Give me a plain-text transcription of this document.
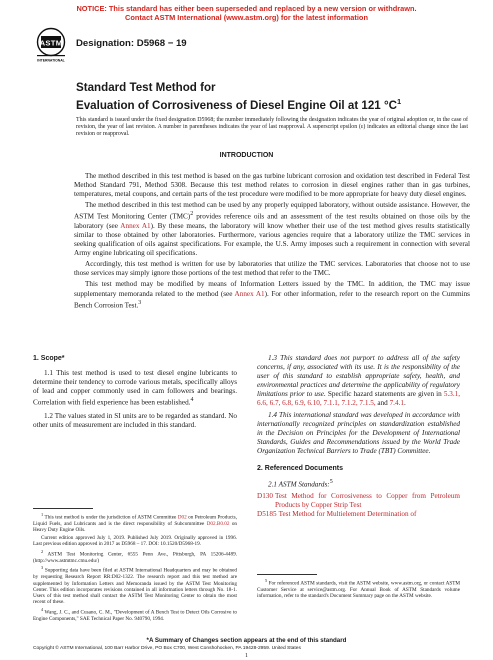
NOTICE: This standard has either been superseded and replaced by a new version or withdrawn.
Contact ASTM International (www.astm.org) for the latest information
ASTM
INTERNATIONAL
Designation: D5968 − 19
Standard Test Method for
Evaluation of Corrosiveness of Diesel Engine Oil at 121 $^\circ C^1$
This standard is issued under the fixed designation D5968; the number immediately following the designation indicates the year of original adoption or, in the case of revision, the year of last revision. A number in parentheses indicates the year of last reapproval. A superscript epsilon (ε) indicates an editorial change since the last revision or reapproval.
INTRODUCTION

The method described in this test method is based on the gas turbine lubricant corrosion and oxidation test described in Federal Test Method Standard 791, Method 5308. Because this test method relates to corrosion in diesel engines rather than in gas turbines, temperatures, metal coupons, and certain parts of the test procedure were modified to be more appropriate for heavy duty diesel engines.

The method described in this test method can be used by any properly equipped laboratory, without outside assistance. However, the ASTM Test Monitoring Center (TMC)$^2$ provides reference oils and an assessment of the test results obtained on those oils by the laboratory (see Annex A1). By these means, the laboratory will know whether their use of the test method gives results statistically similar to those obtained by other laboratories. Furthermore, various agencies require that a laboratory utilize the TMC services in seeking qualification of oils against specifications. For example, the U.S. Army imposes such a requirement in connection with several Army engine lubricating oil specifications.

Accordingly, this test method is written for use by laboratories that utilize the TMC services. Laboratories that choose not to use those services may simply ignore those portions of the test method that refer to the TMC.

This test method may be modified by means of Information Letters issued by the TMC. In addition, the TMC may issue supplementary memoranda related to the method (see Annex A1). For other information, refer to the research report on the Cummins Bench Corrosion Test.$^3$

1. Scope*

1.1 This test method is used to test diesel engine lubricants to determine their tendency to corrode various metals, specifically alloys of lead and copper commonly used in cam followers and bearings. Correlation with field experience has been established.$^4$

1.2 The values stated in SI units are to be regarded as standard. No other units of measurement are included in this standard.

$^1$ This test method is under the jurisdiction of ASTM Committee D02 on Petroleum Products, Liquid Fuels, and Lubricants and is the direct responsibility of Subcommittee D02.B0.02 on Heavy Duty Engine Oils.

Current edition approved July 1, 2019. Published July 2019. Originally approved in 1996. Last previous edition approved in 2017 as D5968 – 17. DOI: 10.1520/D5968-19.

$^2$ ASTM Test Monitoring Center, 6555 Penn Ave., Pittsburgh, PA 15206-4489. (http://www.astmtmc.cmu.edu/)

$^3$ Supporting data have been filed at ASTM International Headquarters and may be obtained by requesting Research Report RR:D02-1322. The research report and this test method are supplemented by Information Letters and Memoranda issued by the ASTM Test Monitoring Center. This edition incorporates revisions contained in all information letters through No. 18-1. Users of this test method shall contact the ASTM Test Monitoring Center to obtain the most recent of these.

$^4$ Wang, J. C., and Cusano, C. M., "Development of A Bench Test to Detect Oils Corrosive to Engine Components," SAE Technical Paper No. 940790, 1994.

1.3 This standard does not purport to address all of the safety concerns, if any, associated with its use. It is the responsibility of the user of this standard to establish appropriate safety, health, and environmental practices and determine the applicability of regulatory limitations prior to use. Specific hazard statements are given in 5.3.1, 6.6, 6.7, 6.8, 6.9, 6.10, 7.1.1, 7.1.2, 7.1.5, and 7.4.1.

1.4 This international standard was developed in accordance with internationally recognized principles on standardization established in the Decision on Principles for the Development of International Standards, Guides and Recommendations issued by the World Trade Organization Technical Barriers to Trade (TBT) Committee.

2. Referenced Documents

2.1 ASTM Standards:$^5$

D130 Test Method for Corrosiveness to Copper from Petroleum Products by Copper Strip Test
D5185 Test Method for Multielement Determination of

$^5$ For referenced ASTM standards, visit the ASTM website, www.astm.org, or contact ASTM Customer Service at service@astm.org. For Annual Book of ASTM Standards volume information, refer to the standard's Document Summary page on the ASTM website.

*A Summary of Changes section appears at the end of this standard
Copyright © ASTM International, 100 Barr Harbor Drive, PO Box C700, West Conshohocken, PA 19428-2959. United States
1
